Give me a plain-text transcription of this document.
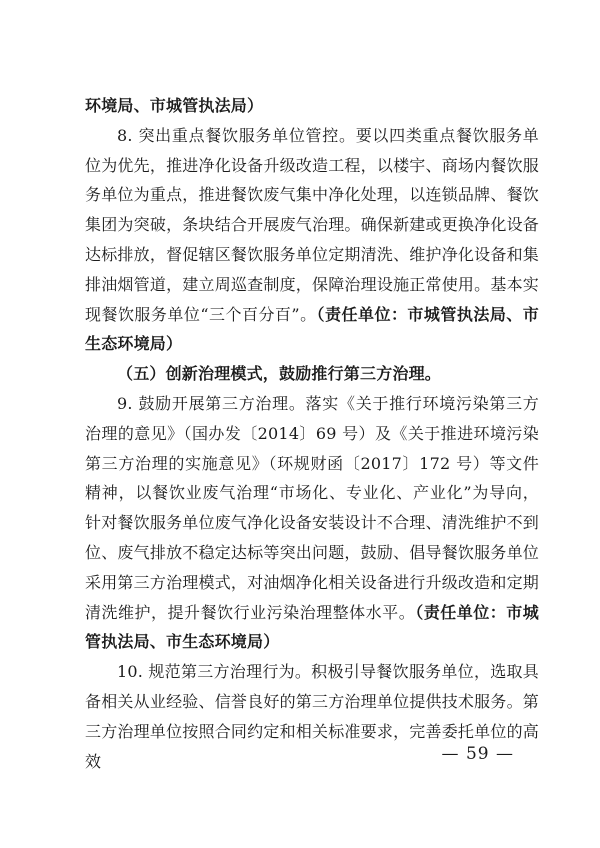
环境局、市城管执法局）

8. 突出重点餐饮服务单位管控。要以四类重点餐饮服务单位为优先，推进净化设备升级改造工程，以楼宇、商场内餐饮服务单位为重点，推进餐饮废气集中净化处理，以连锁品牌、餐饮集团为突破，条块结合开展废气治理。确保新建或更换净化设备达标排放，督促辖区餐饮服务单位定期清洗、维护净化设备和集排油烟管道，建立周巡查制度，保障治理设施正常使用。基本实现餐饮服务单位“三个百分百”。（责任单位：市城管执法局、市生态环境局）

（五）创新治理模式，鼓励推行第三方治理。

9. 鼓励开展第三方治理。落实《关于推行环境污染第三方治理的意见》（国办发〔2014〕69 号）及《关于推进环境污染第三方治理的实施意见》（环规财函〔2017〕172 号）等文件精神，以餐饮业废气治理“市场化、专业化、产业化”为导向，针对餐饮服务单位废气净化设备安装设计不合理、清洗维护不到位、废气排放不稳定达标等突出问题，鼓励、倡导餐饮服务单位采用第三方治理模式，对油烟净化相关设备进行升级改造和定期清洗维护，提升餐饮行业污染治理整体水平。（责任单位：市城管执法局、市生态环境局）

10. 规范第三方治理行为。积极引导餐饮服务单位，选取具备相关从业经验、信誉良好的第三方治理单位提供技术服务。第三方治理单位按照合同约定和相关标准要求，完善委托单位的高效	— 59 —
